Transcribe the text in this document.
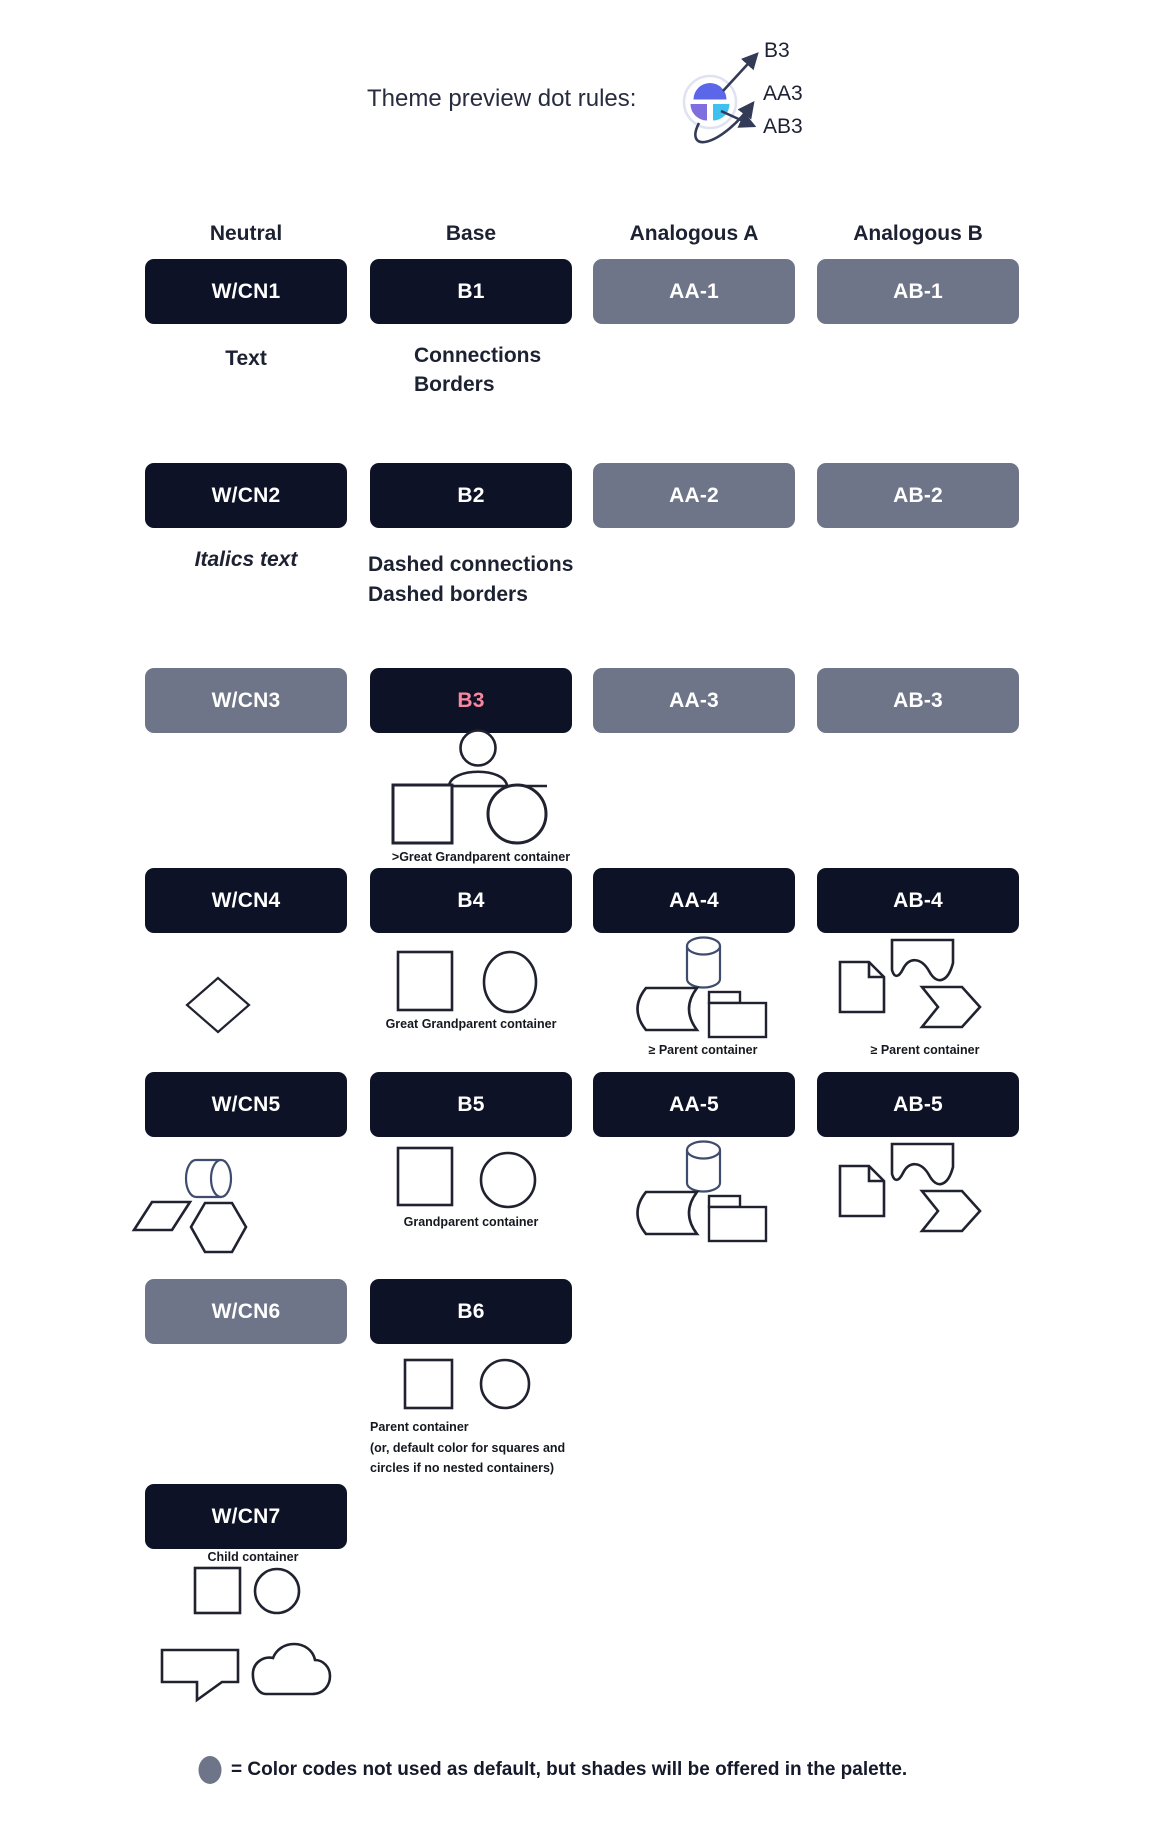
Theme preview dot rules:
Neutral	Base	Analogous A	Analogous B
W/CN1	B1	AA-1	AB-1
W/CN2	B2	AA-2	AB-2
W/CN3	B3	AA-3	AB-3
W/CN4	B4	AA-4	AB-4
W/CN5	B5	AA-5	AB-5
W/CN6	B6
W/CN7
Text	Connections
Borders
Italics text	Dashed connections
Dashed borders
>Great Grandparent container
Great Grandparent container
≥ Parent container	≥ Parent container
Grandparent container
Parent container
(or, default color for squares and
circles if no nested containers)
Child container
= Color codes not used as default, but shades will be offered in the palette.
B3
AA3
AB3
